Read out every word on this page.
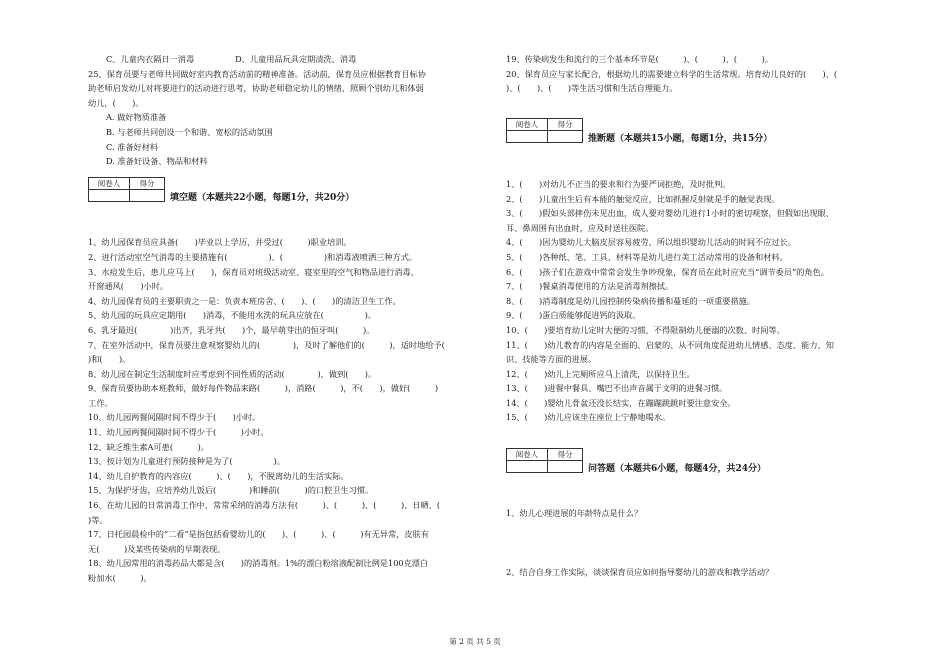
C、儿童内衣隔日一消毒　　　　　D、儿童用品玩具定期清洗、消毒
25、保育员要与老师共同做好室内教育活动前的精神准备。活动前，保育员应根据教育目标协
助老师启发幼儿对将要进行的活动进行思考，协助老师稳定幼儿的情绪，照顾个别幼儿和体弱
幼儿，(　　)。
A. 做好物质准备
B. 与老师共同创设一个和谐、宽松的活动氛围
C. 准备好材料
D. 准备好设备、物品和材料
阅卷人	得分

填空题（本题共22小题，每题1分，共20分）
1、幼儿园保育员应具备(　　)毕业以上学历，并受过(　　　)职业培训。
2、进行活动室空气消毒的主要措施有(　　　　　)、(　　　　　)和消毒液喷洒三种方式。
3、水痘发生后，患儿应马上(　　)，保育员对班级活动室、寝室里的空气和物品进行消毒，
开窗通风(　　)小时。
4、幼儿园保育员的主要职责之一是：负责本班房舍、(　　)、(　　)的清洁卫生工作。
5、幼儿园的玩具应定期用(　　)消毒，不能用水洗的玩具应放在(　　　　　)。
6、乳牙最迟(　　　　)出齐，乳牙共(　　)个，最早萌芽出的恒牙叫(　　　)。
7、在室外活动中，保育员要注意观察婴幼儿的(　　　　)，及时了解他们的(　　　)，适时地给予(　　
)和(　　)。
8、幼儿园在制定生活制度时应考虑到不同性质的活动(　　　　)，做到(　　)。
9、保育员要协助本班教师，做好每件物品来路(　　　)，消路(　　　)，不(　　)，做好(　　　)
工作。
10、幼儿园两餐间隔时间不得少于(　　)小时。
11、幼儿园两餐间隔时间不得少于(　　　)小时。
12、缺乏维生素A可患(　　　)。
13、按计划为儿童进行预防接种是为了(　　　　　)。
14、幼儿自护教育的内容应(　　　)、(　　)，不脱离幼儿的生活实际。
15、为保护牙齿，应培养幼儿饭后(　　　　)和睡前(　　　)的口腔卫生习惯。
16、在幼儿园的日常消毒工作中，常常采纳的消毒方法有(　　　)、(　　　)、(　　　)、日晒、(　　
)等。
17、日托园晨检中的“二看”是指包括看婴幼儿的(　　)、(　　　)、(　　　)有无异常，皮肤有
无(　　　)及某些传染病的早期表现。
18、幼儿园常用的消毒药品大都是含(　　)的消毒剂。1%的漂白粉溶液配制比例是100克漂白
粉加水(　　　)。
19、传染病发生和流行的三个基本环节是(　　　)、(　　　)、(　　　)。
20、保育员应与家长配合，根据幼儿的需要建立科学的生活常规。培育幼儿良好的(　　)、(　　
)、(　　)、(　　)等生活习惯和生活自理能力。
阅卷人	得分

推断题（本题共15小题，每题1分，共15分）
1、(　　)对幼儿不正当的要求和行为要严词拒绝，及时批判。
2、(　　)儿童出生后有本能的触觉反应，比如抓握反射就是手的触觉表现。
3、(　　)假如头部摔伤未见出血，成人要对婴幼儿进行1小时的密切观察，但假如出现眼、
耳、鼻周围有出血时，应及时送往医院。
4、(　　)因为婴幼儿大脑皮层容易疲劳，所以组织婴幼儿活动的时间不应过长。
5、(　　)各种纸、笔、工具、材料等是幼儿进行美工活动常用的设备和材料。
6、(　　)孩子们在游戏中常常会发生争吵现象，保育员在此时应充当“调节委员”的角色。
7、(　　)餐桌消毒使用的方法是消毒剂擦拭。
8、(　　)消毒制度是幼儿园控制传染病传播和蔓延的一项重要措施。
9、(　　)蛋白质能够促进钙的汲取。
10、(　　)要培育幼儿定时大便的习惯，不得限制幼儿便溺的次数、时间等。
11、(　　)幼儿教育的内容是全面的、启蒙的、从不同角度促进幼儿情感、态度、能力、知
识、技能等方面的进展。
12、(　　)幼儿上完厕所应马上清洗，以保持卫生。
13、(　　)进餐中餐具、嘴巴不出声音属于文明的进餐习惯。
14、(　　)婴幼儿骨盆还没长结实，在蹦蹦跳跳时要注意安全。
15、(　　)幼儿应该坐在座位上宁静地喝水。
阅卷人	得分

问答题（本题共6小题，每题4分，共24分）
1、幼儿心理进展的年龄特点是什么？
2、结合自身工作实际，谈谈保育员应如何指导婴幼儿的游戏和教学活动？
第 2 页 共 5 页
